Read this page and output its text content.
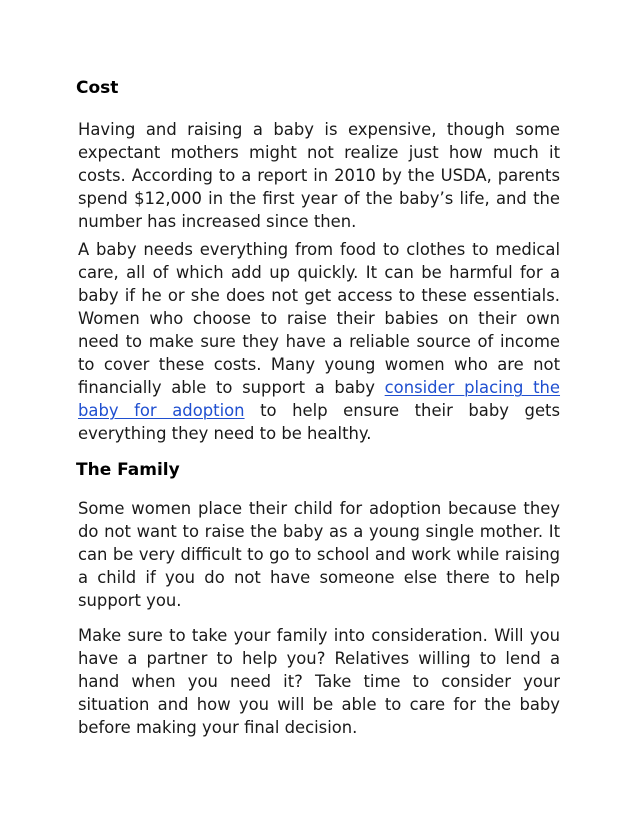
Cost

Having and raising a baby is expensive, though some expectant mothers might not realize just how much it costs. According to a report in 2010 by the USDA, parents spend $12,000 in the first year of the baby’s life, and the number has increased since then.

A baby needs everything from food to clothes to medical care, all of which add up quickly. It can be harmful for a baby if he or she does not get access to these essentials. Women who choose to raise their babies on their own need to make sure they have a reliable source of income to cover these costs. Many young women who are not financially able to support a baby consider placing the baby for adoption to help ensure their baby gets everything they need to be healthy.

The Family

Some women place their child for adoption because they do not want to raise the baby as a young single mother. It can be very difficult to go to school and work while raising a child if you do not have someone else there to help support you.

Make sure to take your family into consideration. Will you have a partner to help you? Relatives willing to lend a hand when you need it? Take time to consider your situation and how you will be able to care for the baby before making your final decision.
